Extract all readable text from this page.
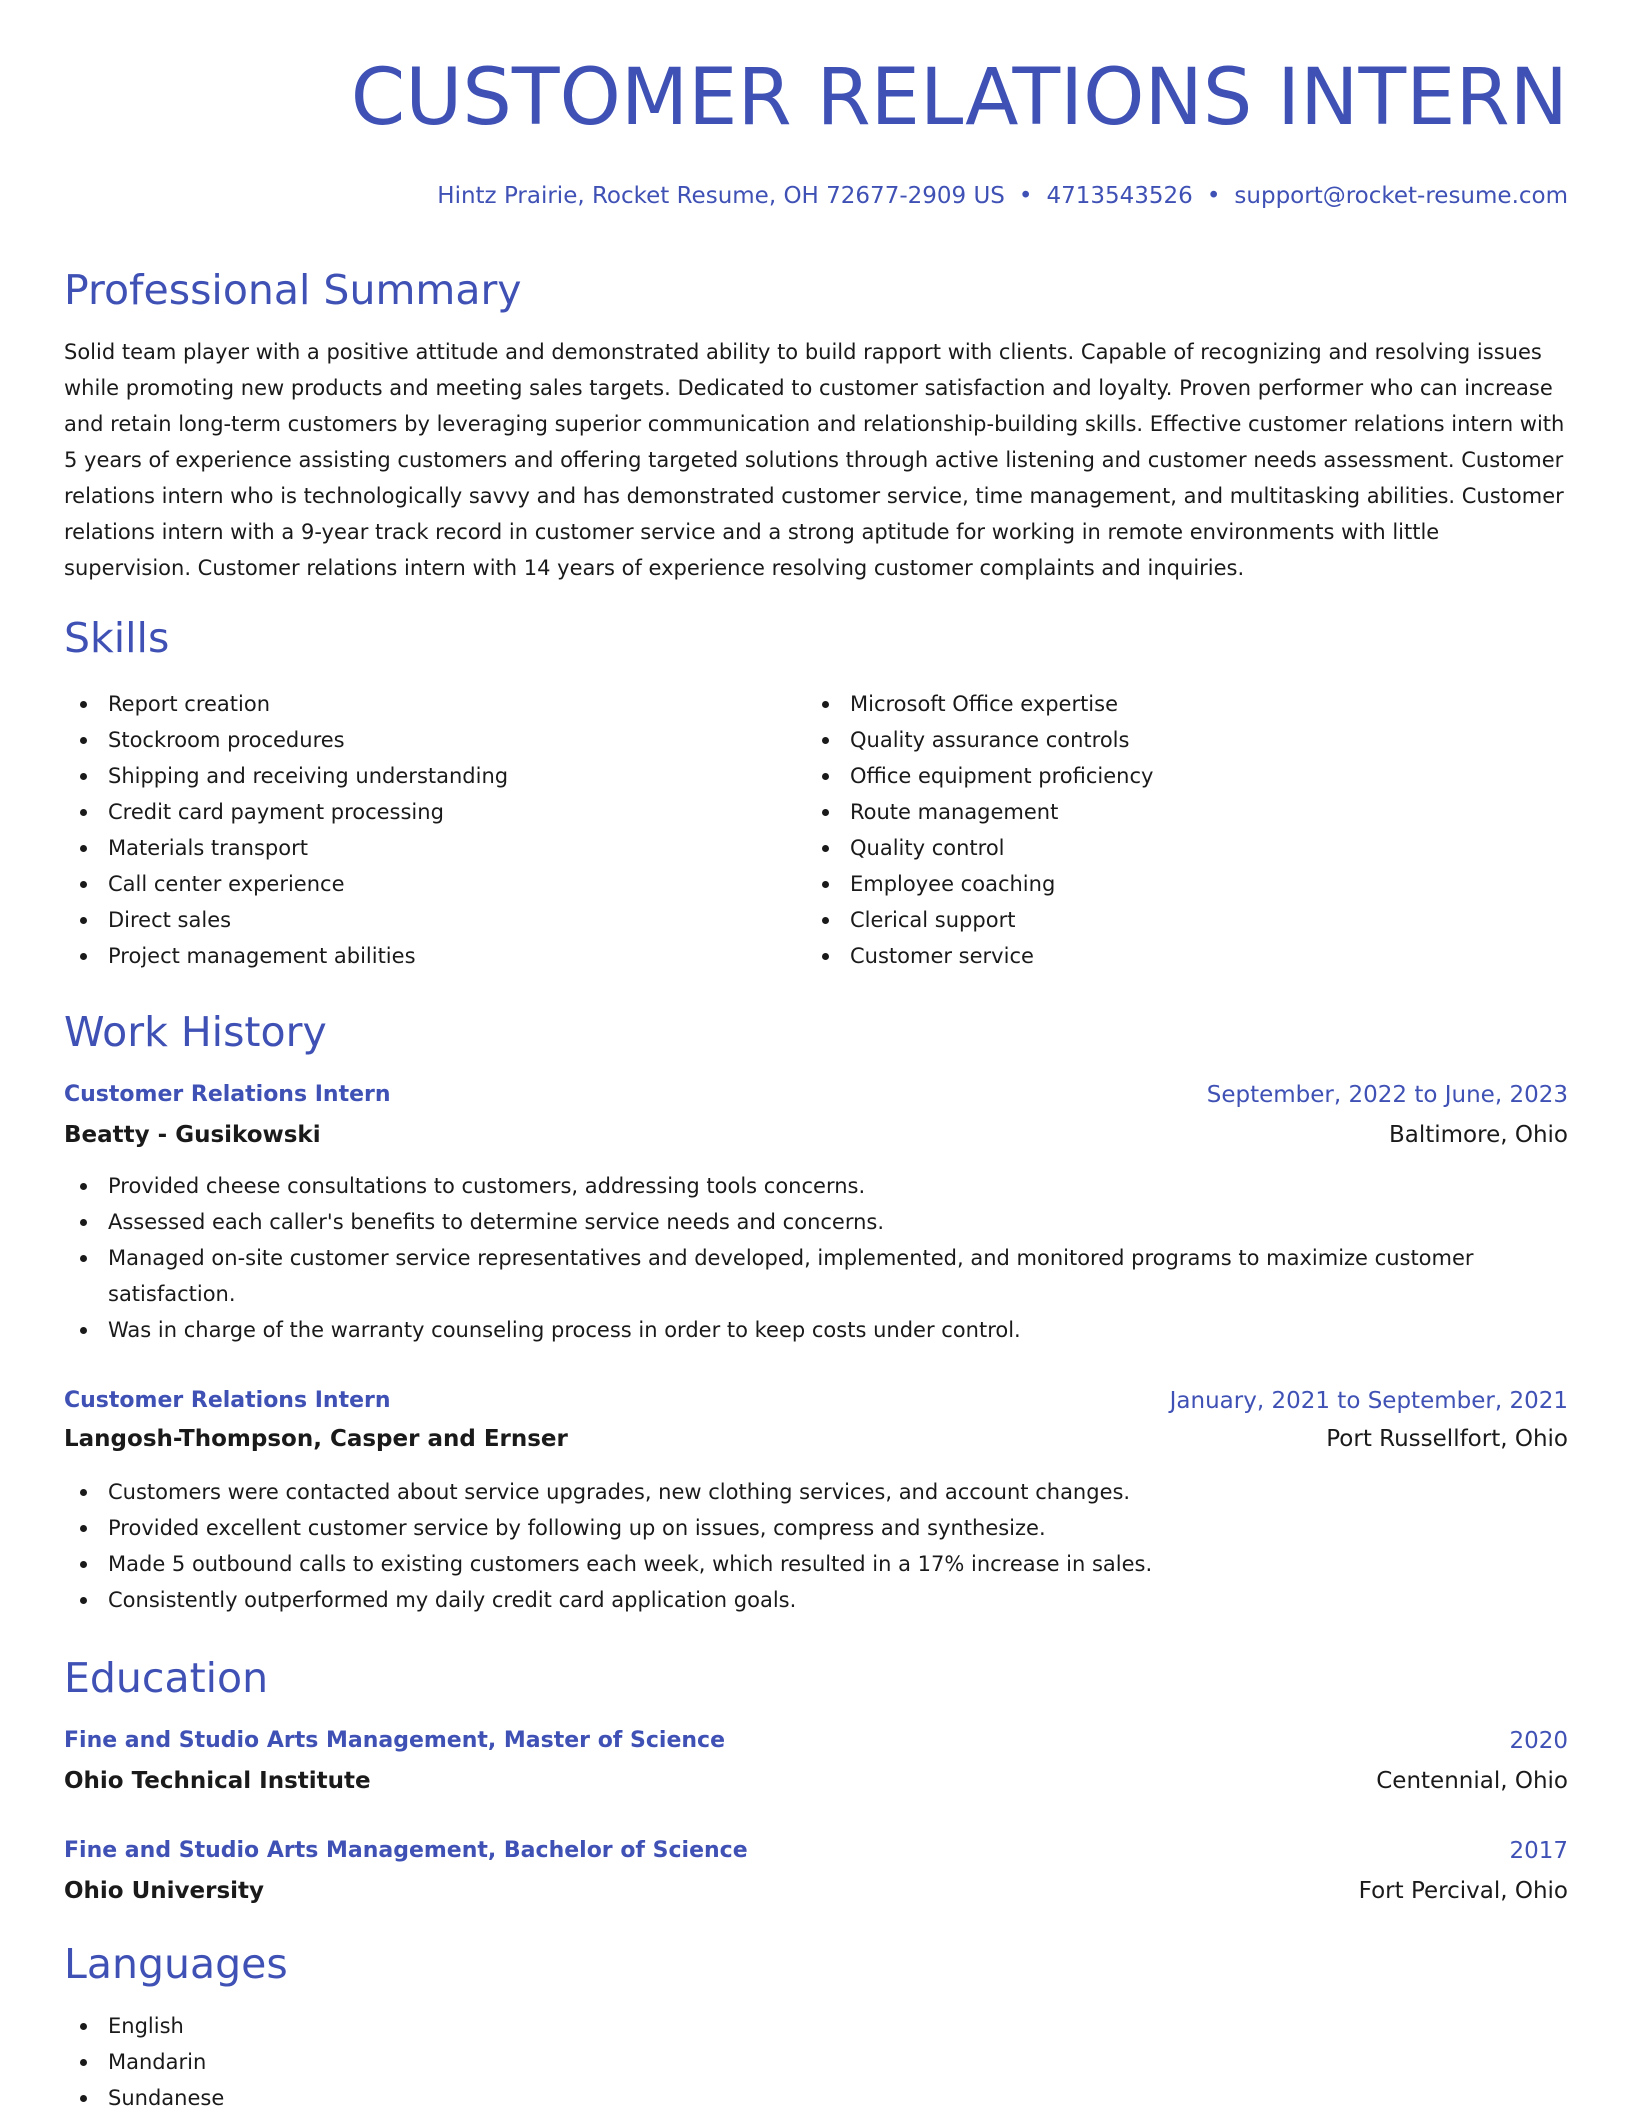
CUSTOMER RELATIONS INTERN
Hintz Prairie, Rocket Resume, OH 72677-2909 US • 4713543526 • support@rocket-resume.com
Professional Summary
Solid team player with a positive attitude and demonstrated ability to build rapport with clients. Capable of recognizing and resolving issues while promoting new products and meeting sales targets. Dedicated to customer satisfaction and loyalty. Proven performer who can increase and retain long-term customers by leveraging superior communication and relationship-building skills. Effective customer relations intern with 5 years of experience assisting customers and offering targeted solutions through active listening and customer needs assessment. Customer relations intern who is technologically savvy and has demonstrated customer service, time management, and multitasking abilities. Customer relations intern with a 9-year track record in customer service and a strong aptitude for working in remote environments with little supervision. Customer relations intern with 14 years of experience resolving customer complaints and inquiries.
Skills
Report creation
Stockroom procedures
Shipping and receiving understanding
Credit card payment processing
Materials transport
Call center experience
Direct sales
Project management abilities
Microsoft Office expertise
Quality assurance controls
Office equipment proficiency
Route management
Quality control
Employee coaching
Clerical support
Customer service
Work History
Customer Relations Intern	September, 2022 to June, 2023
Beatty - Gusikowski	Baltimore, Ohio
Provided cheese consultations to customers, addressing tools concerns.
Assessed each caller's benefits to determine service needs and concerns.
Managed on-site customer service representatives and developed, implemented, and monitored programs to maximize customer satisfaction.
Was in charge of the warranty counseling process in order to keep costs under control.
Customer Relations Intern	January, 2021 to September, 2021
Langosh-Thompson, Casper and Ernser	Port Russellfort, Ohio
Customers were contacted about service upgrades, new clothing services, and account changes.
Provided excellent customer service by following up on issues, compress and synthesize.
Made 5 outbound calls to existing customers each week, which resulted in a 17% increase in sales.
Consistently outperformed my daily credit card application goals.
Education
Fine and Studio Arts Management, Master of Science	2020
Ohio Technical Institute	Centennial, Ohio
Fine and Studio Arts Management, Bachelor of Science	2017
Ohio University	Fort Percival, Ohio
Languages
English
Mandarin
Sundanese
